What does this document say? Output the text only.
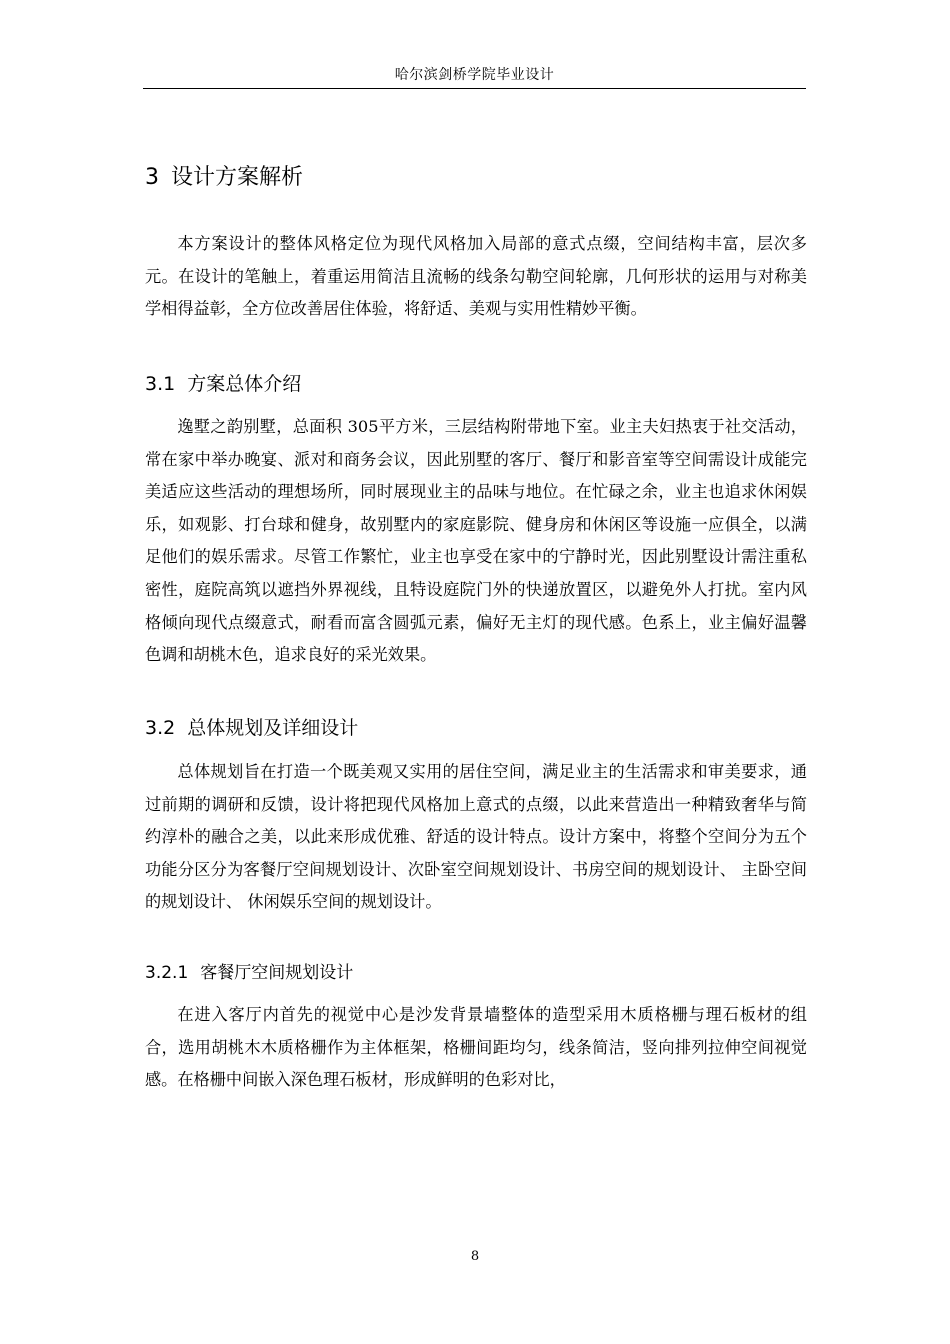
哈尔滨剑桥学院毕业设计
3 设计方案解析

本方案设计的整体风格定位为现代风格加入局部的意式点缀，空间结构丰富，层次多元。在设计的笔触上，着重运用简洁且流畅的线条勾勒空间轮廓，几何形状的运用与对称美学相得益彰，全方位改善居住体验，将舒适、美观与实用性精妙平衡。

3.1 方案总体介绍

逸墅之韵别墅，总面积 305平方米，三层结构附带地下室。业主夫妇热衷于社交活动，常在家中举办晚宴、派对和商务会议，因此别墅的客厅、餐厅和影音室等空间需设计成能完美适应这些活动的理想场所，同时展现业主的品味与地位。在忙碌之余，业主也追求休闲娱乐，如观影、打台球和健身，故别墅内的家庭影院、健身房和休闲区等设施一应俱全，以满足他们的娱乐需求。尽管工作繁忙，业主也享受在家中的宁静时光，因此别墅设计需注重私密性，庭院高筑以遮挡外界视线，且特设庭院门外的快递放置区，以避免外人打扰。室内风格倾向现代点缀意式，耐看而富含圆弧元素，偏好无主灯的现代感。色系上，业主偏好温馨色调和胡桃木色，追求良好的采光效果。

3.2 总体规划及详细设计

总体规划旨在打造一个既美观又实用的居住空间，满足业主的生活需求和审美要求，通过前期的调研和反馈，设计将把现代风格加上意式的点缀，以此来营造出一种精致奢华与简约淳朴的融合之美，以此来形成优雅、舒适的设计特点。设计方案中，将整个空间分为五个功能分区分为客餐厅空间规划设计、次卧室空间规划设计、书房空间的规划设计、 主卧空间的规划设计、 休闲娱乐空间的规划设计。

3.2.1 客餐厅空间规划设计

在进入客厅内首先的视觉中心是沙发背景墙整体的造型采用木质格栅与理石板材的组合，选用胡桃木木质格栅作为主体框架，格栅间距均匀，线条简洁，竖向排列拉伸空间视觉感。在格栅中间嵌入深色理石板材，形成鲜明的色彩对比，

8
